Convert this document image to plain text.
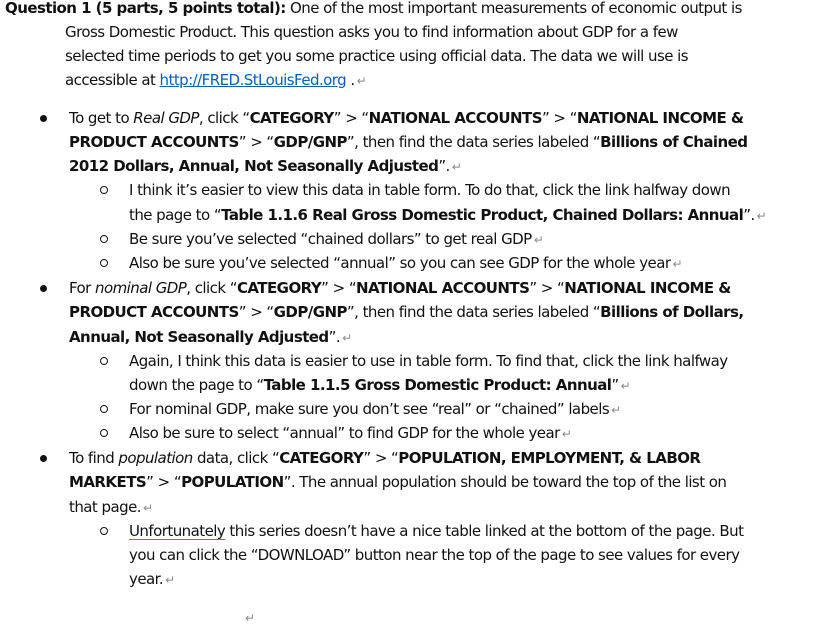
Question 1 (5 parts, 5 points total): One of the most important measurements of economic output is
Gross Domestic Product. This question asks you to find information about GDP for a few
selected time periods to get you some practice using official data. The data we will use is
accessible at http://FRED.StLouisFed.org . ↵
To get to Real GDP, click “CATEGORY” > “NATIONAL ACCOUNTS” > “NATIONAL INCOME &
PRODUCT ACCOUNTS” > “GDP/GNP”, then find the data series labeled “Billions of Chained
2012 Dollars, Annual, Not Seasonally Adjusted”. ↵
I think it’s easier to view this data in table form. To do that, click the link halfway down
the page to “Table 1.1.6 Real Gross Domestic Product, Chained Dollars: Annual”. ↵
Be sure you’ve selected “chained dollars” to get real GDP ↵
Also be sure you’ve selected “annual” so you can see GDP for the whole year ↵
For nominal GDP, click “CATEGORY” > “NATIONAL ACCOUNTS” > “NATIONAL INCOME &
PRODUCT ACCOUNTS” > “GDP/GNP”, then find the data series labeled “Billions of Dollars,
Annual, Not Seasonally Adjusted”. ↵
Again, I think this data is easier to use in table form. To find that, click the link halfway
down the page to “Table 1.1.5 Gross Domestic Product: Annual” ↵
For nominal GDP, make sure you don’t see “real” or “chained” labels ↵
Also be sure to select “annual” to find GDP for the whole year ↵
To find population data, click “CATEGORY” > “POPULATION, EMPLOYMENT, & LABOR
MARKETS” > “POPULATION”. The annual population should be toward the top of the list on
that page. ↵
Unfortunately this series doesn’t have a nice table linked at the bottom of the page. But
you can click the “DOWNLOAD” button near the top of the page to see values for every
year. ↵
↵
